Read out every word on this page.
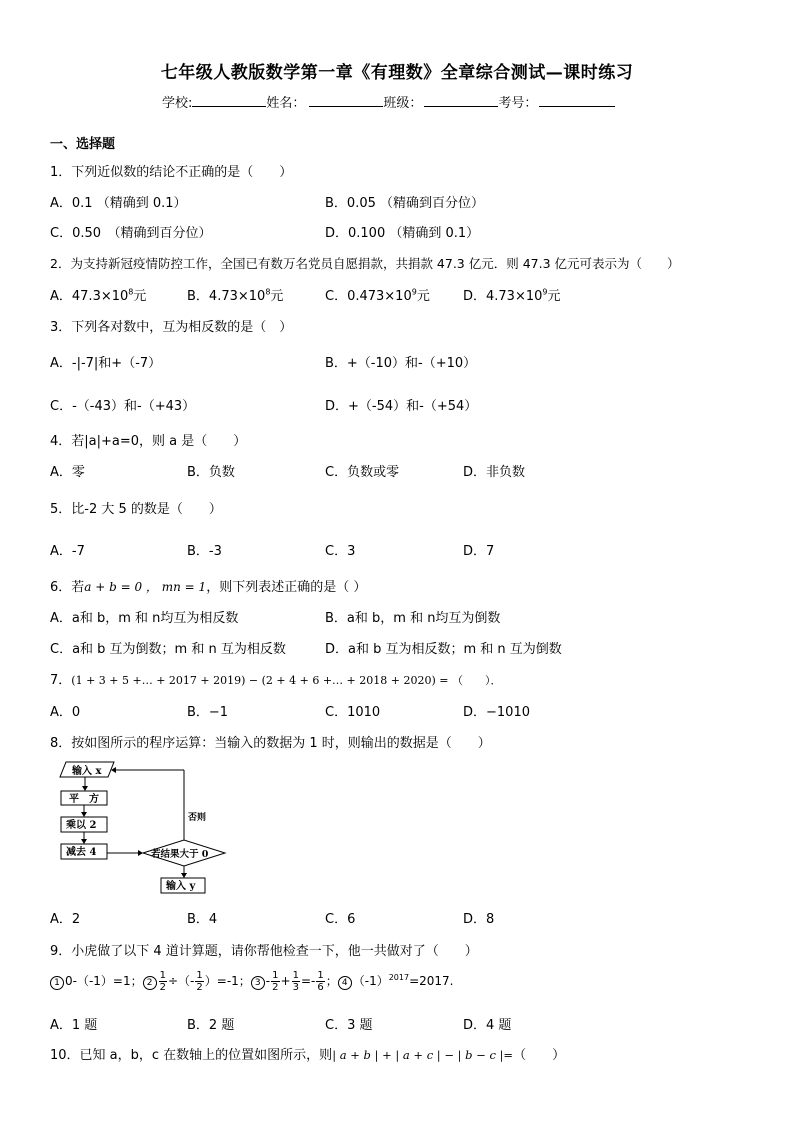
七年级人教版数学第一章《有理数》全章综合测试—课时练习
学校:	姓名：	班级：	考号：
一、选择题
1．下列近似数的结论不正确的是（　　）
A．0.1 （精确到 0.1）	B．0.05 （精确到百分位）
C．0.50　（精确到百分位）	D．0.100 （精确到 0.1）
2．为支持新冠疫情防控工作，全国已有数万名党员自愿捐款，共捐款 47.3 亿元．则 47.3 亿元可表示为（　　）
A．$47.3\times 10^8$元	B．$4.73\times 10^8$元	C．$0.473\times 10^9$元	D．$4.73\times 10^9$元
3．下列各对数中，互为相反数的是（　）
A．-|-7|和+（-7）	B．+（-10）和-（+10）
C．-（-43）和-（+43）	D．+（-54）和-（+54）
4．若|a|+a=0，则 a 是（　　）
A．零	B．负数	C．负数或零	D．非负数
5．比-2 大 5 的数是（　　）
A．-7	B．-3	C．3	D．7
6．若a + b = 0 ， mn = 1，则下列表述正确的是（ ）
A．a和 b，m 和 n均互为相反数	B．a和 b，m 和 n均互为倒数
C．a和 b 互为倒数；m 和 n 互为相反数	D．a和 b 互为相反数；m 和 n 互为倒数
7．(1 + 3 + 5 +… + 2017 + 2019) − (2 + 4 + 6 +… + 2018 + 2020) = （　　）．
A．0	B．−1	C．1010	D．−1010
8．按如图所示的程序运算：当输入的数据为 1 时，则输出的数据是（　　）
输入 x
平　方
乘以 2
减去 4	若结果大于 0
否则
输入 y
A．2	B．4	C．6	D．8
9．小虎做了以下 4 道计算题，请你帮他检查一下，他一共做对了（　　）
1 0-（-1）=1； $2 \frac{1}{2}$ ÷（- $\frac{1}{2} )=-1$； $3 - \frac{1}{2} + \frac{1}{3} =- \frac{1}{6}$ ； 4 $(-1)^{2017}=2017$.
A．1 题	B．2 题	C．3 题	D．4 题
10．已知 a，b，c 在数轴上的位置如图所示，则| a + b | + | a + c | − | b − c |=（　　）
